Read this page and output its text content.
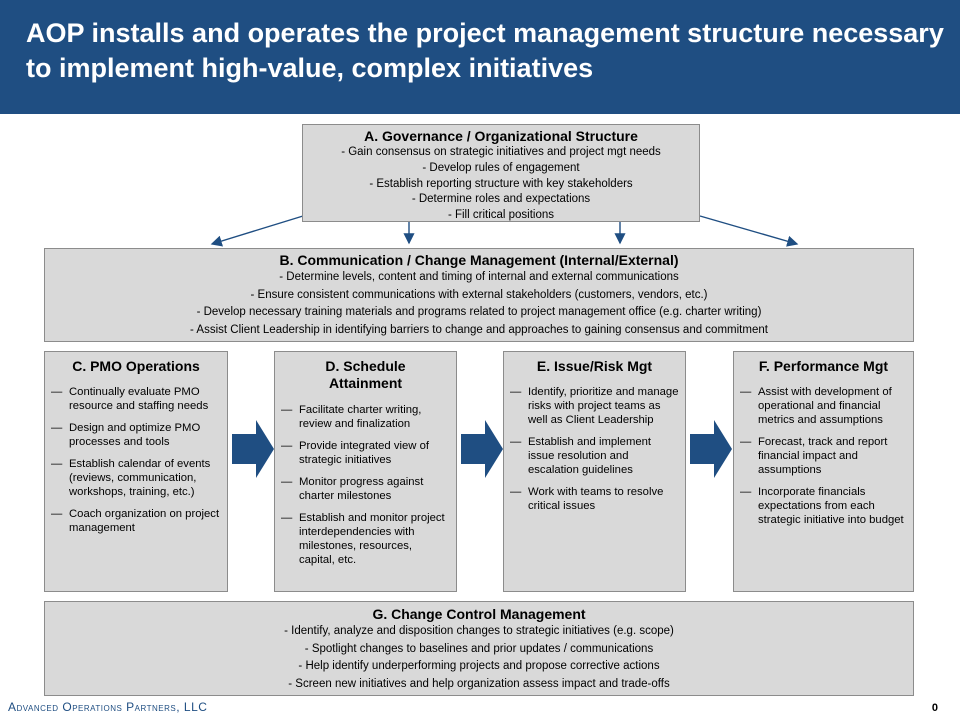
AOP installs and operates the project management structure necessary to implement high-value, complex initiatives
A. Governance / Organizational Structure
- Gain consensus on strategic initiatives and project mgt needs
- Develop rules of engagement
- Establish reporting structure with key stakeholders
- Determine roles and expectations
- Fill critical positions
B. Communication / Change Management (Internal/External)
- Determine levels, content and timing of internal and external communications
- Ensure consistent communications with external stakeholders (customers, vendors, etc.)
- Develop necessary training materials and programs related to project management office (e.g. charter writing)
- Assist Client Leadership in identifying barriers to change and approaches to gaining consensus and commitment
C. PMO Operations
— Continually evaluate PMO resource and staffing needs
— Design and optimize PMO processes and tools
— Establish calendar of events (reviews, communication, workshops, training, etc.)
— Coach organization on project management
D. Schedule Attainment
— Facilitate charter writing, review and finalization
— Provide integrated view of strategic initiatives
— Monitor progress against charter milestones
— Establish and monitor project interdependencies with milestones, resources, capital, etc.
E. Issue/Risk Mgt
— Identify, prioritize and manage risks with project teams as well as Client Leadership
— Establish and implement issue resolution and escalation guidelines
— Work with teams to resolve critical issues
F. Performance Mgt
— Assist with development of operational and financial metrics and assumptions
— Forecast, track and report financial impact and assumptions
— Incorporate financials expectations from each strategic initiative into budget
G. Change Control Management
- Identify, analyze and disposition changes to strategic initiatives (e.g. scope)
- Spotlight changes to baselines and prior updates / communications
- Help identify underperforming projects and propose corrective actions
- Screen new initiatives and help organization assess impact and trade-offs
Advanced Operations Partners, LLC	0
